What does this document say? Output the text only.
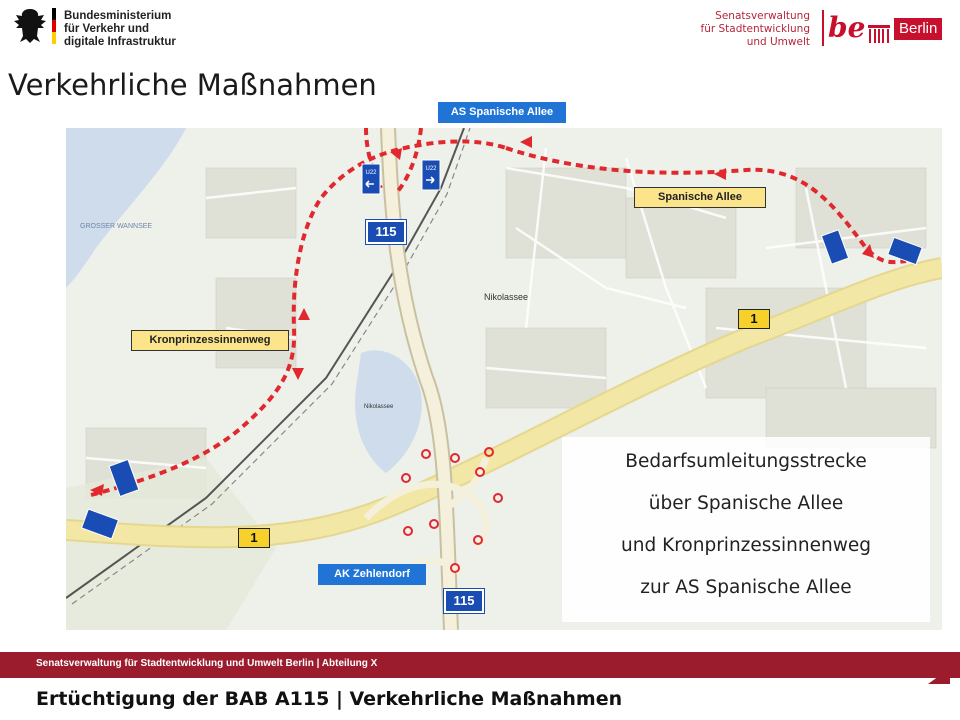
Bundesministerium
für Verkehr und
digitale Infrastruktur
Senatsverwaltung
für Stadtentwicklung
und Umwelt be	Berlin
Verkehrliche Maßnahmen
U22
U22
GROSSER WANNSEE
Nikolassee
Nikolassee
115
115
1
1
Spanische Allee
Kronprinzessinnenweg
AK Zehlendorf
Bedarfsumleitungsstrecke
über Spanische Allee
und Kronprinzessinnenweg
zur AS Spanische Allee
AS Spanische Allee
Senatsverwaltung für Stadtentwicklung und Umwelt Berlin | Abteilung X
Ertüchtigung der BAB A115 | Verkehrliche Maßnahmen
